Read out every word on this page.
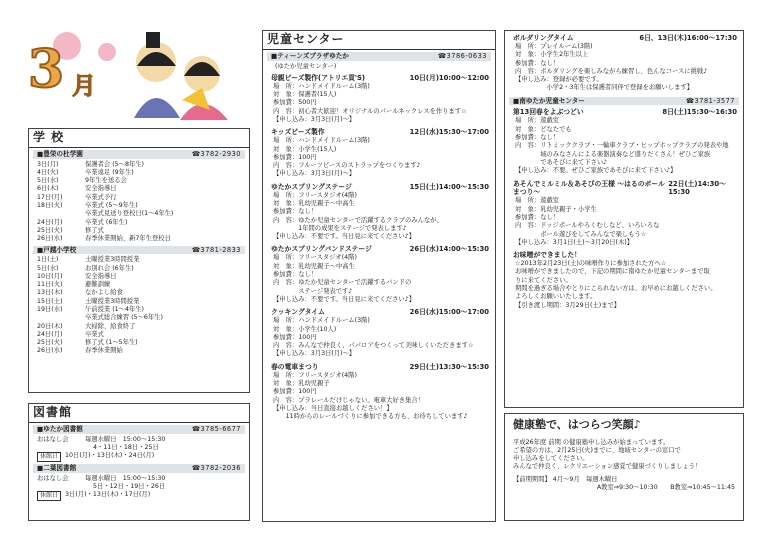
3 月
学 校
■豊栄の杜学園	☎3782-2930
3日(月)	保護者会 (5～8年生)
4日(火)	卒業遠足 (9年生)
5日(水)	9年生を送る会
6日(木)	安全指導日
17日(月)	卒業式予行
18日(火)	卒業式 (5～9年生)
卒業式見送り登校日(1～4年生)
24日(月)	卒業式 (6年生)
25日(火)	修了式
26日(水)	春季休業開始、新7年生登校日
■戸越小学校	☎3781-2833
1日(土)	土曜授業3時間授業
5日(水)	お別れ会 (6年生)
10日(月)	安全指導日
11日(火)	避難訓練
13日(木)	なかよし給食
15日(土)	土曜授業3時間授業
19日(水)	午前授業 (1～4年生)
卒業式総合練習 (5～6年生)
20日(木)	大掃除、給食終了
24日(月)	卒業式
25日(火)	修了式 (1～5年生)
26日(水)	春季休業開始
図書館
■ゆたか図書館	☎3785-6677
おはなし会	毎週水曜日　15:00～15:30
4・11日・18日・25日
休館日	10日(月)・13日(木)・24日(月)
■二葉図書館	☎3782-2036
おはなし会	毎週水曜日　15:00～15:30
5日・12日・19日・26日
休館日	3日(月)・13日(木)・17日(月)
児童センター
■ティーンズプラザゆたか	☎3786-0633
(ゆたか児童センター)
母親ビーズ製作(アトリエ貢'S)	10日(月)10:00～12:00
場　所：ハンドメイドルーム(3階)
対　象：保護者(15人)
参加費：500円
内　容：初心者大歓迎！オリジナルのパールネックレスを作ります☆
【申し込み：3月3日(月)～】
キッズビーズ製作	12日(水)15:30～17:00
場　所：ハンドメイドルーム(3階)
対　象：小学生(15人)
参加費：100円
内　容：フルーツピースのストラップをつくります♪
【申し込み：3月3日(月)～】
ゆたかスプリングステージ	15日(土)14:00～15:30
場　所：フリースタジオ(4階)
対　象：乳幼児親子～中高生
参加費：なし！
内　容：ゆたか児童センターで活躍するクラブのみんなが、
　　　　1年間の成果をステージで発表します♪
【申し込み：不要です。当日見に来てください♪】
ゆたかスプリングバンドステージ	26日(水)14:00～15:30
場　所：フリースタジオ(4階)
対　象：乳幼児親子～中高生
参加費：なし！
内　容：ゆたか児童センターで活躍するバンドの
　　　　ステージ発表です♪
【申し込み：不要です。当日見に来てください♪】
クッキングタイム	26日(水)15:00～17:00
場　所：ハンドメイドルーム(3階)
対　象：小学生(10人)
参加費：100円
内　容：みんなで仲良く、パパロアをつくって美味しくいただきます☆
【申し込み：3月3日(月)～】
春の電車まつり	29日(土)13:30～15:30
場　所：フリースタジオ(4階)
対　象：乳幼児親子
参加費：100円
内　容：プラレールだけじゃない。電車大好き集合！
【申し込み：当日直接お越しください！】
　　11時からのレールづくりに参加できる方も、お待ちしています♪
ボルダリングタイム	6日、13日(木)16:00～17:30
場　所：プレイルーム(3階)
対　象：小学生2年生以上
参加費：なし！
内　容：ボルダリングを楽しみながら練習し、色んなコースに挑戦♪
【申し込み：登録が必要です。
　　　　　小学2・3年生は保護者同伴で登録をお願いします】
■南ゆたか児童センター	☎3781-3577
第13回春をよぶつどい	8日(土)15:30～16:30
場　所：遊戯室
対　象：どなたでも
参加費：なし！
内　容：リトミッククラブ・一輪車クラブ・ヒップホップクラブの発表や地
　　　　域のみなさんによる楽器演奏など盛りだくさん！ぜひご家族
　　　　であそびに来て下さい♪
【申し込み：不要。ぜひご家族であそびに来て下さい♪】
あそんでミルミル＆あそびの王様 ～はるのボールまつり～
22日(土)14:30～15:30
場　所：遊戯室
対　象：乳幼児親子・小学生
参加費：なし！
内　容：ドッジボールやろくむしなど、いろいろな
　　　　ボール遊びをしてみんなで楽しもう☆
【申し込み：3月1日(土)～3月20日(木)】
お味噌ができました！
☆2013年2月23日(土)の味噌作りに参加された方へ☆
お味噌ができましたので、下記の期間に南ゆたか児童センターまで取
りに来てください。
期間を過ぎる場合やとりにこられない方は、お早めにお越しください。
よろしくお願いいたします。
【引き渡し期間：3月29日(土)まで】
健康塾で、はつらつ笑顔♪
平成26年度 前期 の健康塾申し込みが始まっています。
ご希望の方は、2月25日(火)までに、地域センターの窓口で
申し込みをしてください。
みんなで仲良く、レクリエーション感覚で健康づくりしましょう！
【前期期間】 4月～9月　毎週木曜日
A教室⇒9:30～10:30　　B教室⇒10:45～11:45
